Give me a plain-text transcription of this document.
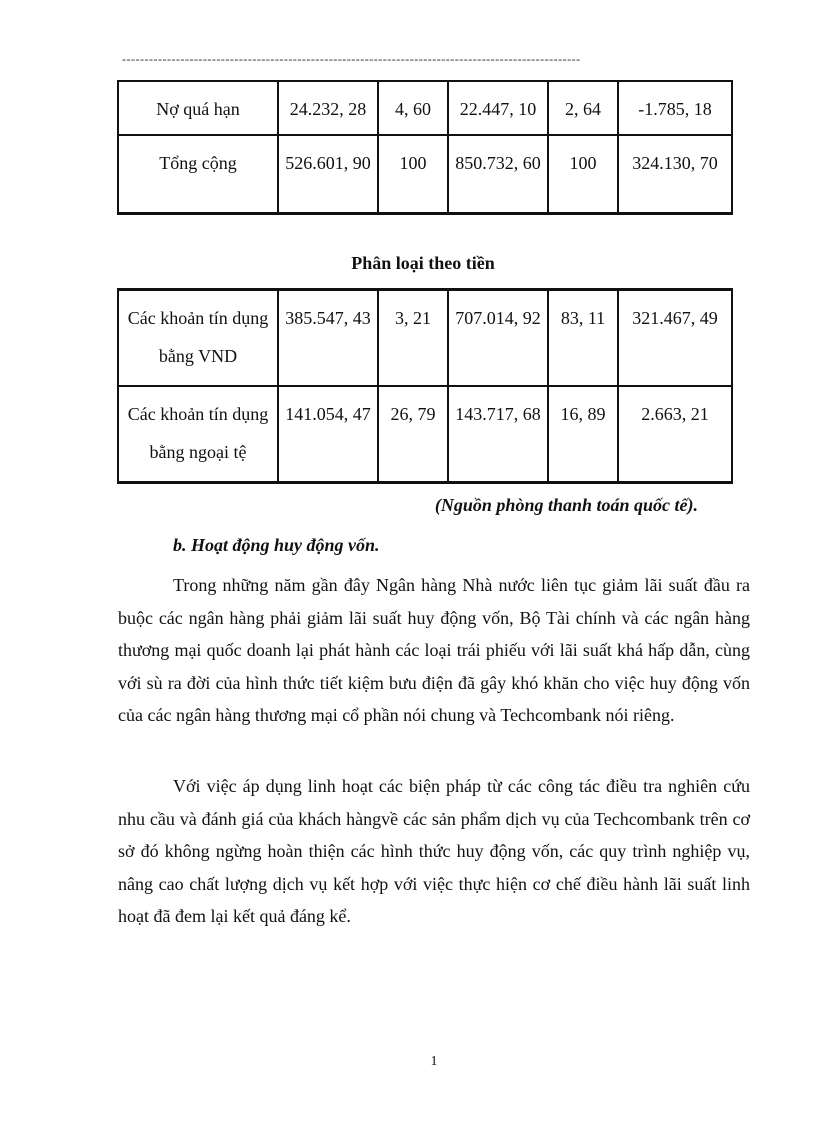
------------------------------------------------------------------------------------------------------
Nợ quá hạn	24.232, 28	4, 60	22.447, 10	2, 64	-1.785, 18
Tổng cộng	526.601, 90	100	850.732, 60	100	324.130, 70
Phân loại theo tiền
Các khoản tín dụng bằng VND	385.547, 43	3, 21	707.014, 92	83, 11	321.467, 49
Các khoản tín dụng bằng ngoại tệ	141.054, 47	26, 79	143.717, 68	16, 89	2.663, 21
(Nguồn phòng thanh toán quốc tế).
b. Hoạt động huy động vốn.

Trong những năm gần đây Ngân hàng Nhà nước liên tục giảm lãi suất đầu ra buộc các ngân hàng phải giảm lãi suất huy động vốn, Bộ Tài chính và các ngân hàng thương mại quốc doanh lại phát hành các loại trái phiếu với lãi suất khá hấp dẫn, cùng với sù ra đời của hình thức tiết kiệm bưu điện đã gây khó khăn cho việc huy động vốn của các ngân hàng thương mại cổ phần nói chung và Techcombank nói riêng.

Với việc áp dụng linh hoạt các biện pháp từ các công tác điều tra nghiên cứu nhu cầu và đánh giá của khách hàngvề các sản phẩm dịch vụ của Techcombank trên cơ sở đó không ngừng hoàn thiện các hình thức huy động vốn, các quy trình nghiệp vụ, nâng cao chất lượng dịch vụ kết hợp với việc thực hiện cơ chế điều hành lãi suất linh hoạt đã đem lại kết quả đáng kể.

1
